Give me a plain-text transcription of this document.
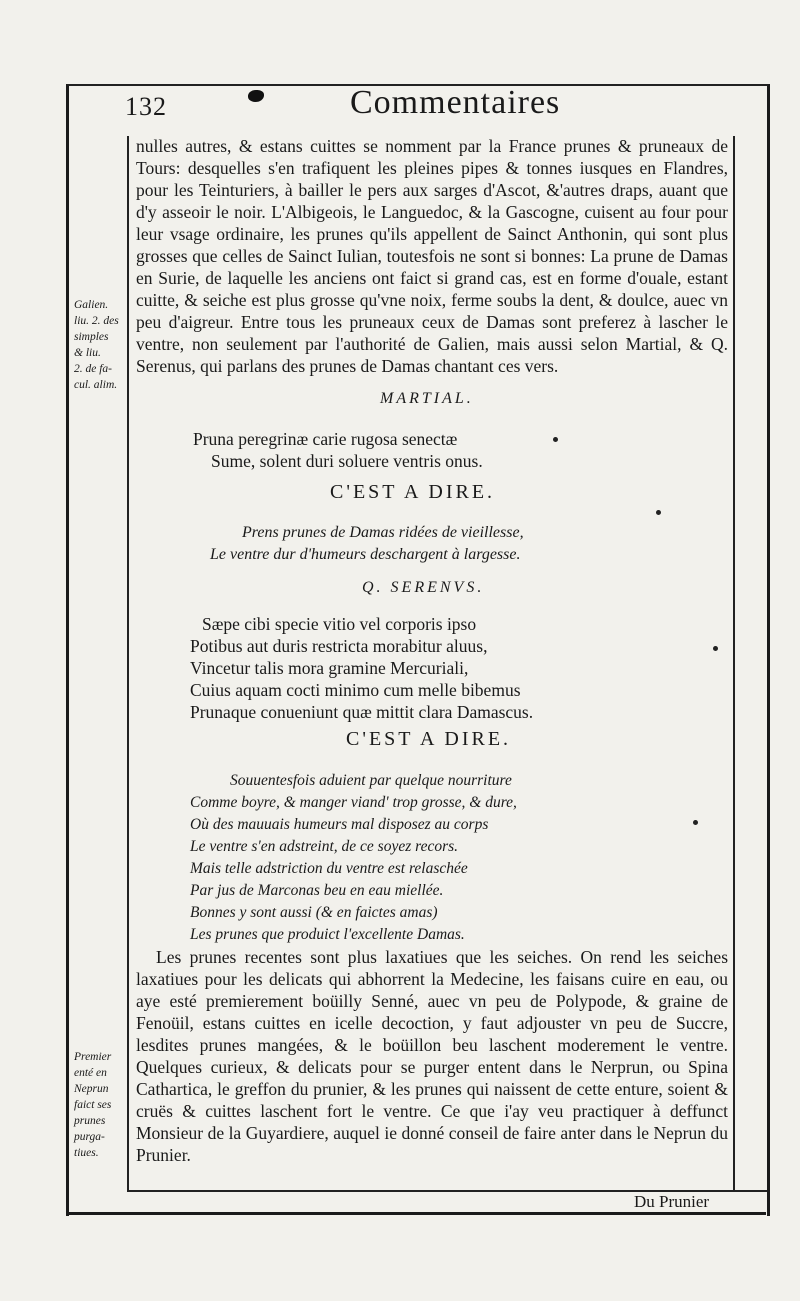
132	Commentaires
nulles autres, & estans cuittes se nomment par la France prunes & pruneaux de Tours: desquelles s'en trafiquent les pleines pipes & tonnes iusques en Flandres, pour les Teinturiers, à bailler le pers aux sarges d'Ascot, &'autres draps, auant que d'y asseoir le noir. L'Albigeois, le Languedoc, & la Gascogne, cuisent au four pour leur vsage ordinaire, les prunes qu'ils appellent de Sainct Anthonin, qui sont plus grosses que celles de Sainct Iulian, toutesfois ne sont si bonnes: La prune de Damas en Surie, de laquelle les anciens ont faict si grand cas, est en forme d'ouale, estant cuitte, & seiche est plus grosse qu'vne noix, ferme soubs la dent, & doulce, auec vn peu d'aigreur. Entre tous les pruneaux ceux de Damas sont preferez à lascher le ventre, non seulement par l'authorité de Galien, mais aussi selon Martial, & Q. Serenus, qui parlans des prunes de Damas chantant ces vers.
MARTIAL.
Pruna peregrinæ carie rugosa senectæ
Sume, solent duri soluere ventris onus.
C'EST A DIRE.
Prens prunes de Damas ridées de vieillesse,
Le ventre dur d'humeurs deschargent à largesse.
Q. SERENVS.
Sæpe cibi specie vitio vel corporis ipso
Potibus aut duris restricta morabitur aluus,
Vincetur talis mora gramine Mercuriali,
Cuius aquam cocti minimo cum melle bibemus
Prunaque conueniunt quæ mittit clara Damascus.
C'EST A DIRE.
Souuentesfois aduient par quelque nourriture
Comme boyre, & manger viand' trop grosse, & dure,
Où des mauuais humeurs mal disposez au corps
Le ventre s'en adstreint, de ce soyez recors.
Mais telle adstriction du ventre est relaschée
Par jus de Marconas beu en eau miellée.
Bonnes y sont aussi (& en faictes amas)
Les prunes que produict l'excellente Damas.
Les prunes recentes sont plus laxatiues que les seiches. On rend les seiches laxatiues pour les delicats qui abhorrent la Medecine, les faisans cuire en eau, ou aye esté premierement boüilly Senné, auec vn peu de Polypode, & graine de Fenoüil, estans cuittes en icelle decoction, y faut adjouster vn peu de Succre, lesdites prunes mangées, & le boüillon beu laschent moderement le ventre. Quelques curieux, & delicats pour se purger entent dans le Nerprun, ou Spina Cathartica, le greffon du prunier, & les prunes qui naissent de cette enture, soient & cruës & cuittes laschent fort le ventre. Ce que i'ay veu practiquer à deffunct Monsieur de la Guyardiere, auquel ie donné conseil de faire anter dans le Neprun du Prunier.
Galien.
liu. 2. des
simples
& liu.
2. de fa-
cul. alim.
Premier
enté en
Neprun
faict ses
prunes
purga-
tiues.
Du Prunier
